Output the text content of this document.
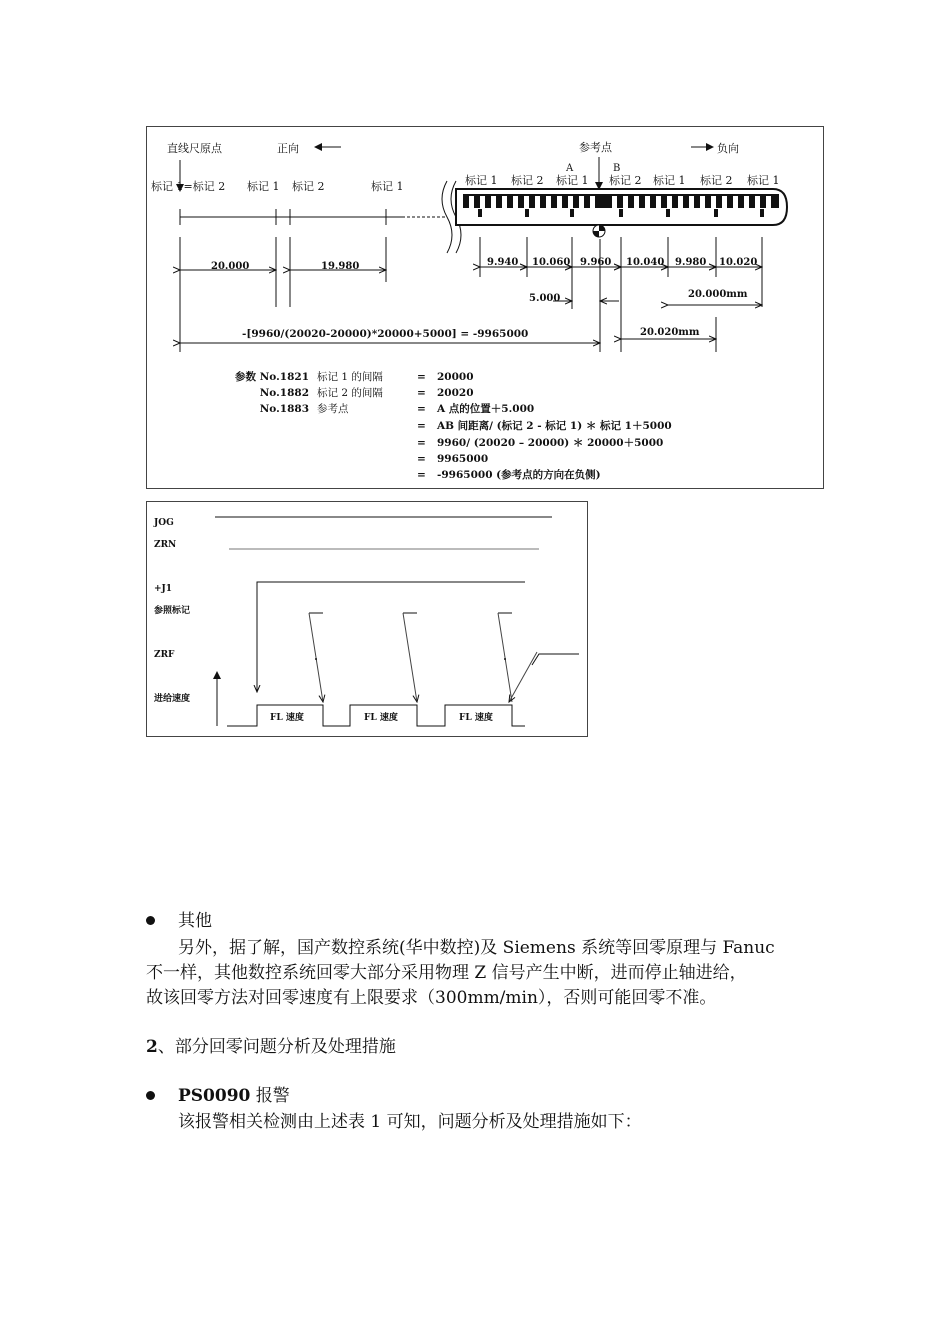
直线尺原点	正向	参考点
A	B
负向
标记 1=标记 2 标记 1 标记 2	标记 1	标记 1 标记 2 标记 1 标记 2 标记 1 标记 2 标记 1
20.000	19.980	9.940 10.060 9.960 10.040 9.980 10.020
5.000	20.000mm
20.020mm
-[9960/(20020-20000)*20000+5000] = -9965000
参数 No.1821 标记 1 的间隔	= 20000
No.1882 标记 2 的间隔	= 20020
No.1883 参考点	= A 点的位置＋5.000
= AB 间距离/ (标记 2 - 标记 1) ＊ 标记 1＋5000
= 9960/ (20020 – 20000) ＊ 20000＋5000
= 9965000
= -9965000 (参考点的方向在负侧)
JOG
ZRN
+J1
参照标记
ZRF
进给速度
FL 速度	FL 速度	FL 速度
其他
另外，据了解，国产数控系统(华中数控)及 Siemens 系统等回零原理与 Fanuc
不一样，其他数控系统回零大部分采用物理 Z 信号产生中断，进而停止轴进给，
故该回零方法对回零速度有上限要求（300mm/min），否则可能回零不准。
2、部分回零问题分析及处理措施
PS0090 报警
该报警相关检测由上述表 1 可知，问题分析及处理措施如下：
